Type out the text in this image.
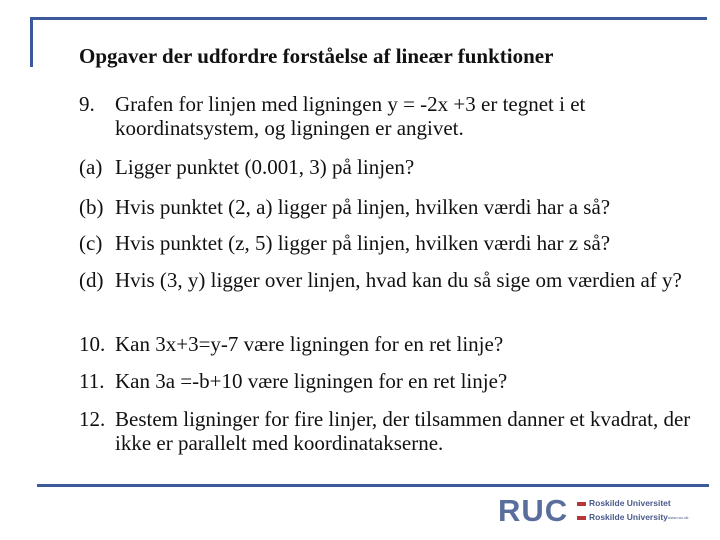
Opgaver der udfordre forståelse af lineær funktioner
9. Grafen for linjen med ligningen y = -2x +3 er tegnet i et koordinatsystem, og ligningen er angivet.
(a) Ligger punktet (0.001, 3) på linjen?
(b) Hvis punktet (2, a) ligger på linjen, hvilken værdi har a så?
(c) Hvis punktet (z, 5) ligger på linjen, hvilken værdi har z så?
(d) Hvis (3, y) ligger over linjen, hvad kan du så sige om værdien af y?
10. Kan 3x+3=y-7 være ligningen for en ret linje?
11. Kan 3a =-b+10 være ligningen for en ret linje?
12. Bestem ligninger for fire linjer, der tilsammen danner et kvadrat, der ikke er parallelt med koordinatakserne.
RUC Roskilde Universitet
Roskilde University www.ruc.dk
